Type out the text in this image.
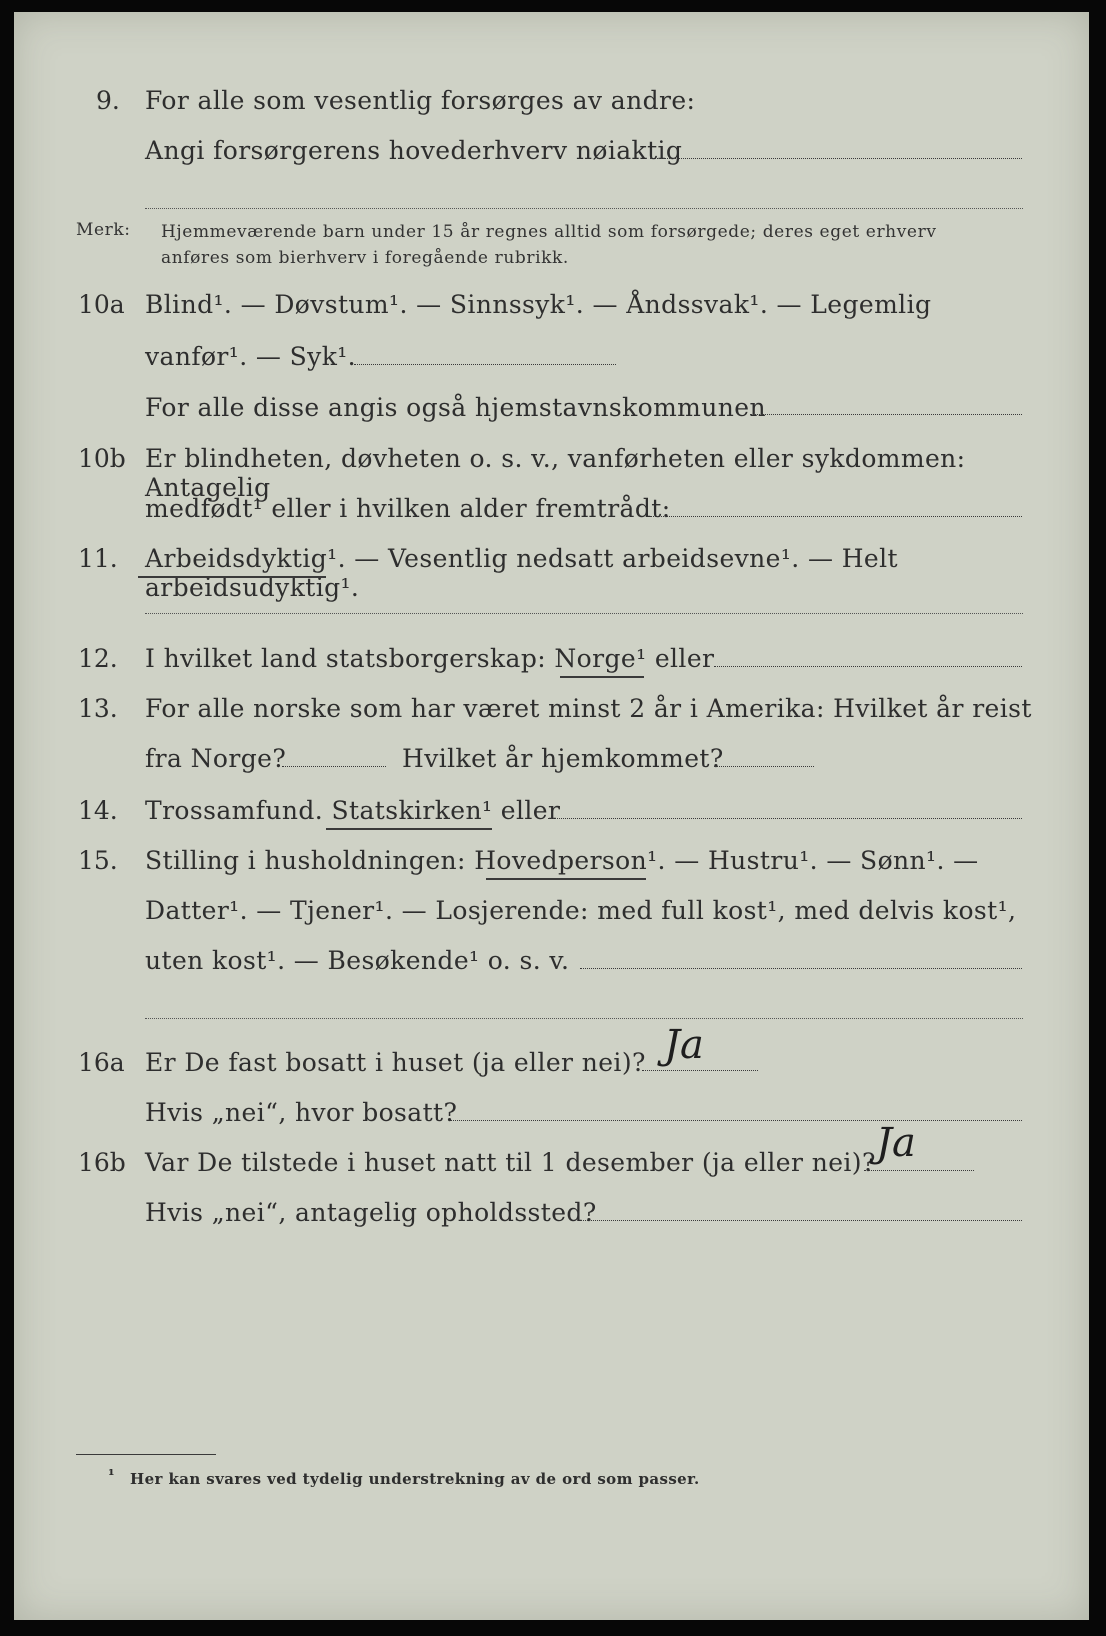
9. For alle som vesentlig forsørges av andre:
Angi forsørgerens hovederhverv nøiaktig
Merk: Hjemmeværende barn under 15 år regnes alltid som forsørgede; deres eget erhverv
anføres som bierhverv i foregående rubrikk.
10a Blind¹. — Døvstum¹. — Sinnssyk¹. — Åndssvak¹. — Legemlig
vanfør¹. — Syk¹.
For alle disse angis også hjemstavnskommunen
10b Er blindheten, døvheten o. s. v., vanførheten eller sykdommen: Antagelig
medfødt¹ eller i hvilken alder fremtrådt:
11. Arbeidsdyktig¹. — Vesentlig nedsatt arbeidsevne¹. — Helt arbeidsudyktig¹.
12. I hvilket land statsborgerskap: Norge¹ eller
13. For alle norske som har været minst 2 år i Amerika: Hvilket år reist
fra Norge?	Hvilket år hjemkommet?
14. Trossamfund. Statskirken¹ eller
15. Stilling i husholdningen: Hovedperson¹. — Hustru¹. — Sønn¹. —
Datter¹. — Tjener¹. — Losjerende: med full kost¹, med delvis kost¹,
uten kost¹. — Besøkende¹ o. s. v.
16a Er De fast bosatt i huset (ja eller nei)? Ja
Hvis „nei“, hvor bosatt?
16b Var De tilstede i huset natt til 1 desember (ja eller nei)? Ja
Hvis „nei“, antagelig opholdssted?
¹ Her kan svares ved tydelig understrekning av de ord som passer.
